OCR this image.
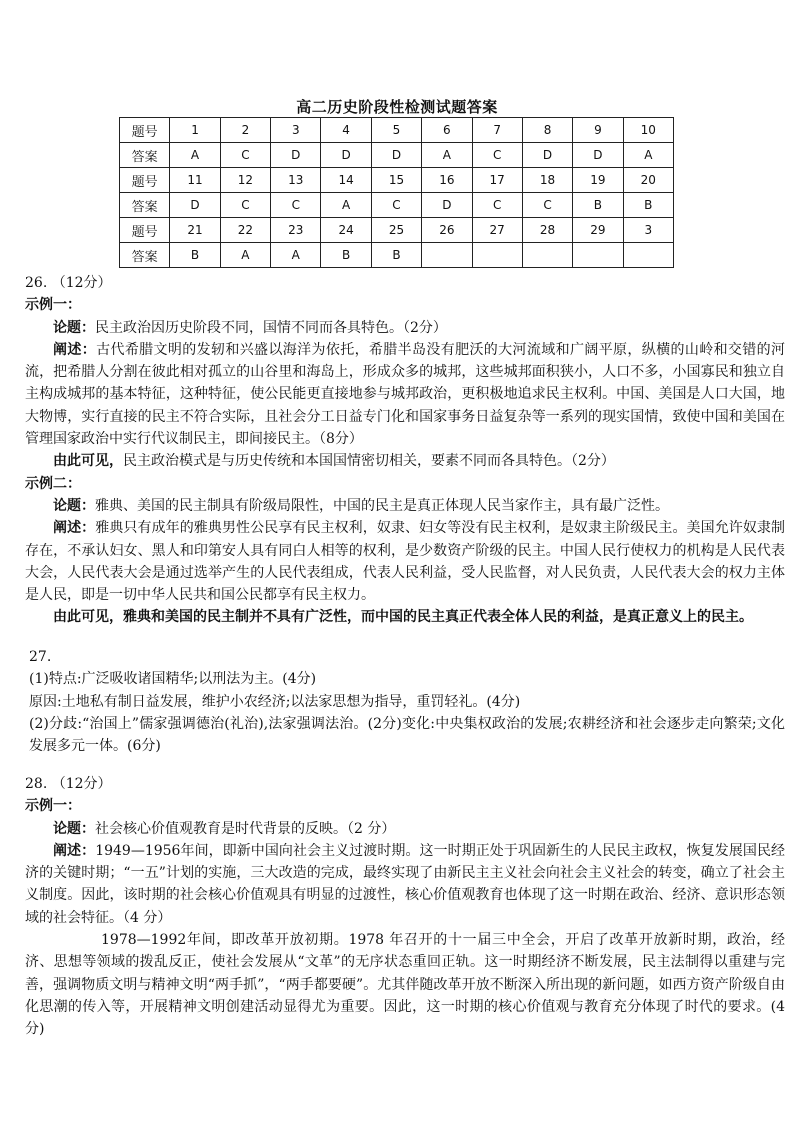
高二历史阶段性检测试题答案
题号	1	2	3	4	5	6	7	8	9	10
答案	A	C	D	D	D	A	C	D	D	A
题号	11	12	13	14	15	16	17	18	19	20
答案	D	C	C	A	C	D	C	C	B	B
题号	21	22	23	24	25	26	27	28	29	3
答案	B	A	A	B	B					

26. （12分）

示例一：

论题：民主政治因历史阶段不同，国情不同而各具特色。（2分）

阐述：古代希腊文明的发轫和兴盛以海洋为依托，希腊半岛没有肥沃的大河流域和广阔平原，纵横的山岭和交错的河流，把希腊人分割在彼此相对孤立的山谷里和海岛上，形成众多的城邦，这些城邦面积狭小，人口不多，小国寡民和独立自主构成城邦的基本特征，这种特征，使公民能更直接地参与城邦政治，更积极地追求民主权利。中国、美国是人口大国，地大物博，实行直接的民主不符合实际，且社会分工日益专门化和国家事务日益复杂等一系列的现实国情，致使中国和美国在管理国家政治中实行代议制民主，即间接民主。（8分）

由此可见，民主政治模式是与历史传统和本国国情密切相关，要素不同而各具特色。（2分）

示例二：

论题：雅典、美国的民主制具有阶级局限性，中国的民主是真正体现人民当家作主，具有最广泛性。

阐述：雅典只有成年的雅典男性公民享有民主权利，奴隶、妇女等没有民主权利，是奴隶主阶级民主。美国允许奴隶制存在，不承认妇女、黑人和印第安人具有同白人相等的权利，是少数资产阶级的民主。中国人民行使权力的机构是人民代表大会，人民代表大会是通过选举产生的人民代表组成，代表人民利益，受人民监督，对人民负责，人民代表大会的权力主体是人民，即是一切中华人民共和国公民都享有民主权力。

由此可见，雅典和美国的民主制并不具有广泛性，而中国的民主真正代表全体人民的利益，是真正意义上的民主。

27.

(1)特点:广泛吸收诸国精华;以刑法为主。(4分)

原因:土地私有制日益发展，维护小农经济;以法家思想为指导，重罚轻礼。(4分)

(2)分歧:“治国上”儒家强调德治(礼治),法家强调法治。(2分)变化:中央集权政治的发展;农耕经济和社会逐步走向繁荣;文化发展多元一体。(6分)

28. （12分）

示例一：

论题：社会核心价值观教育是时代背景的反映。（2 分）

阐述：1949—1956年间，即新中国向社会主义过渡时期。这一时期正处于巩固新生的人民民主政权，恢复发展国民经济的关键时期；“一五”计划的实施，三大改造的完成，最终实现了由新民主主义社会向社会主义社会的转变，确立了社会主义制度。因此，该时期的社会核心价值观具有明显的过渡性，核心价值观教育也体现了这一时期在政治、经济、意识形态领域的社会特征。（4 分）

1978—1992年间，即改革开放初期。1978 年召开的十一届三中全会，开启了改革开放新时期，政治，经济、思想等领域的拨乱反正，使社会发展从“文革”的无序状态重回正轨。这一时期经济不断发展，民主法制得以重建与完善，强调物质文明与精神文明“两手抓”，“两手都要硬”。尤其伴随改革开放不断深入所出现的新问题，如西方资产阶级自由化思潮的传入等，开展精神文明创建活动显得尤为重要。因此，这一时期的核心价值观与教育充分体现了时代的要求。(4分)
